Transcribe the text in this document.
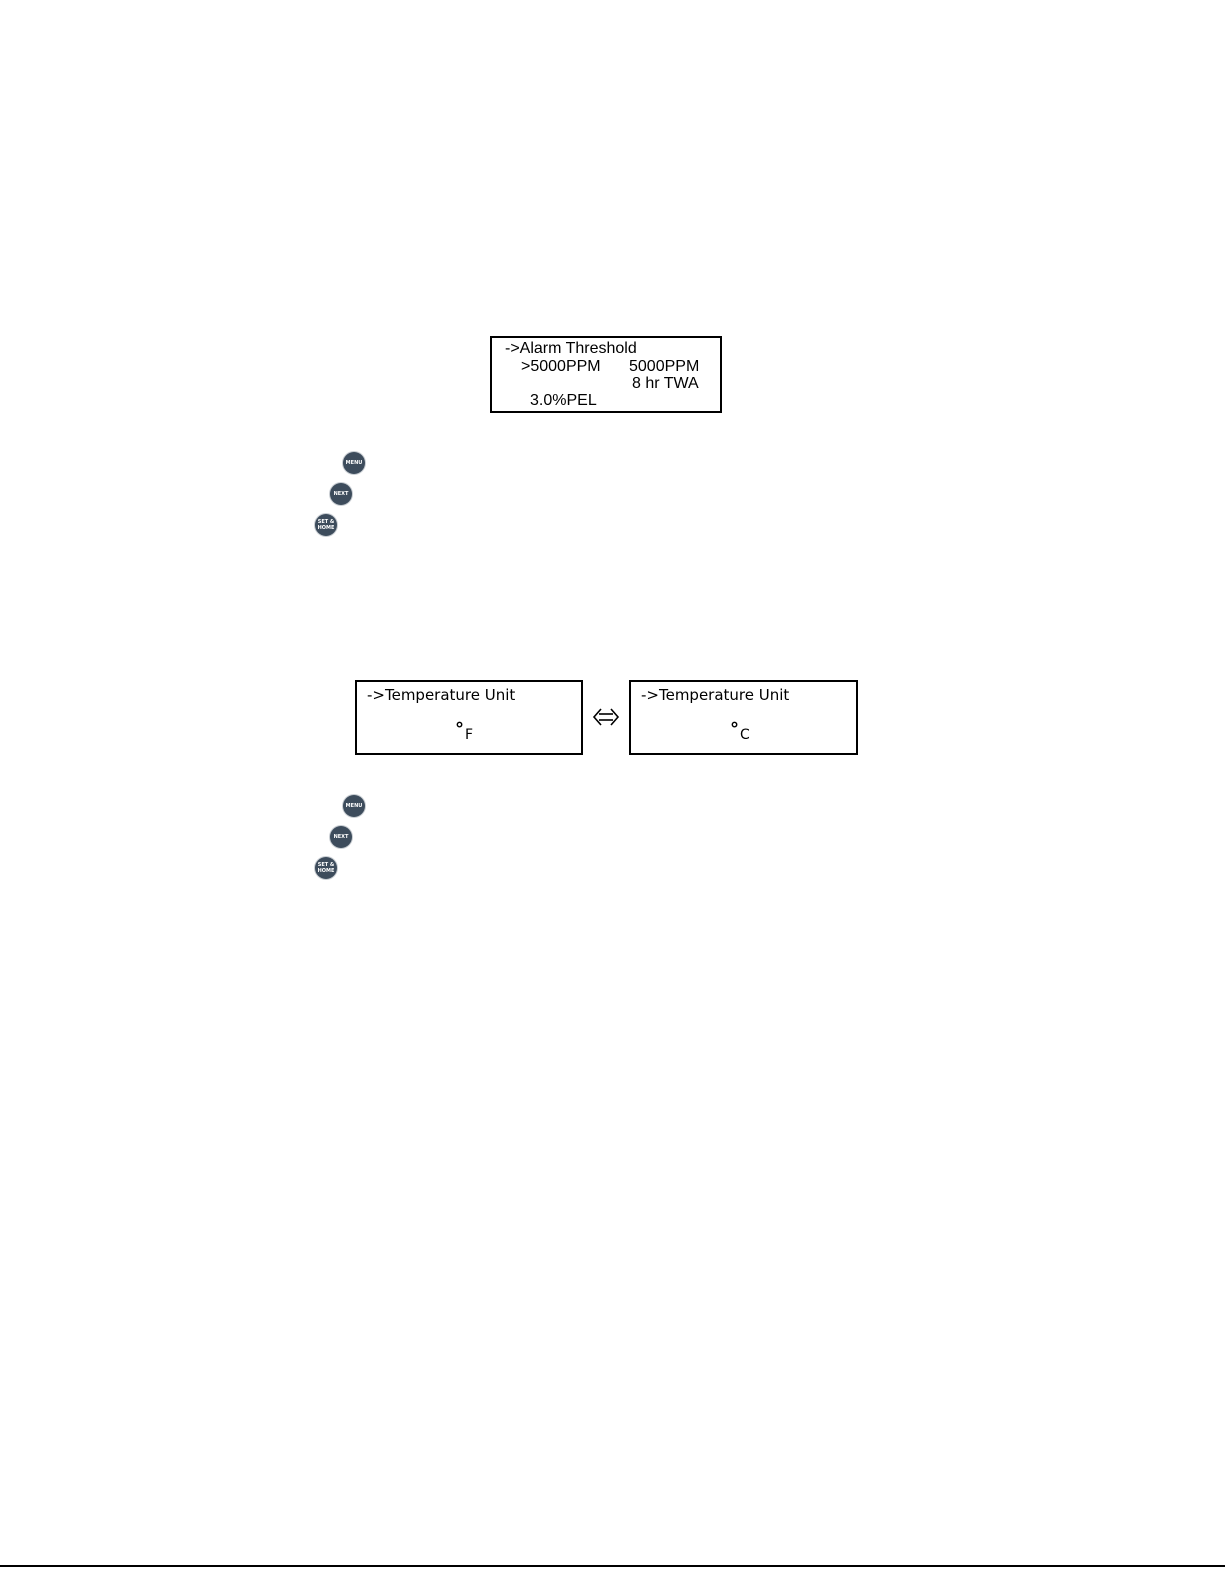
->Alarm Threshold
>5000PPM 5000PPM
8 hr TWA
3.0%PEL
MENU
NEXT
SET & HOME
->Temperature Unit
°F
->Temperature Unit
°C
MENU
NEXT
SET & HOME
